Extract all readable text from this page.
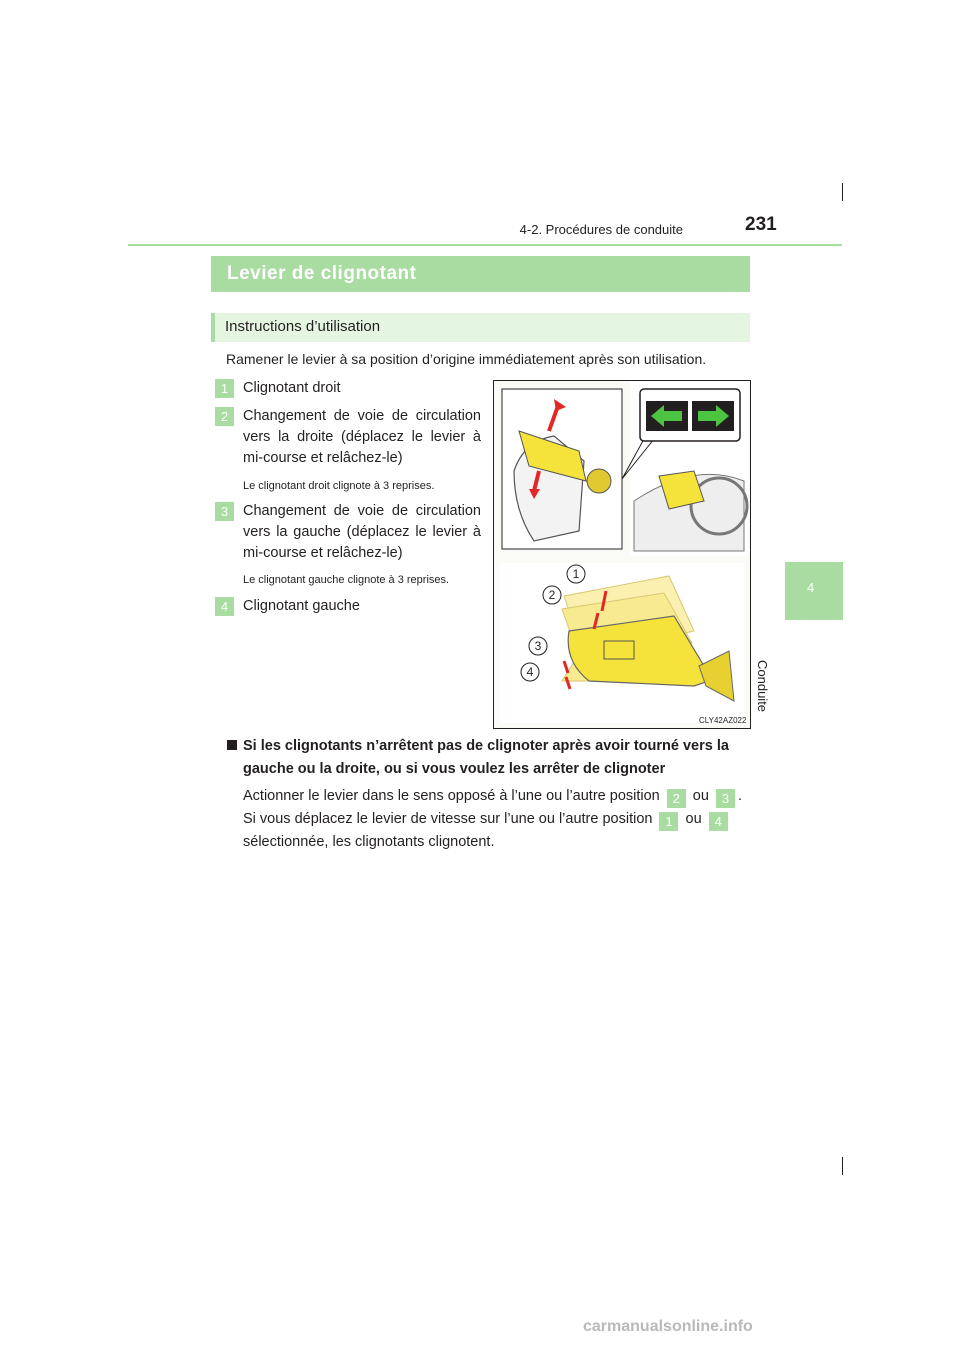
4-2. Procédures de conduite	231
4
Conduite
Levier de clignotant
Instructions d’utilisation
Ramener le levier à sa position d’origine immédiatement après son utilisation.
1	Clignotant droit
2	Changement de voie de circulation vers la droite (déplacez le levier à mi-course et relâchez-le)
Le clignotant droit clignote à 3 reprises.
3	Changement de voie de circulation vers la gauche (déplacez le levier à mi-course et relâchez-le)
Le clignotant gauche clignote à 3 reprises.
4	Clignotant gauche
1
2
3
4
CLY42AZ022
Si les clignotants n’arrêtent pas de clignoter après avoir tourné vers la gauche ou la droite, ou si vous voulez les arrêter de clignoter
Actionner le levier dans le sens opposé à l’une ou l’autre position 2 ou 3 .
Si vous déplacez le levier de vitesse sur l’une ou l’autre position 1 ou 4
sélectionnée, les clignotants clignotent.
carmanualsonline.info
